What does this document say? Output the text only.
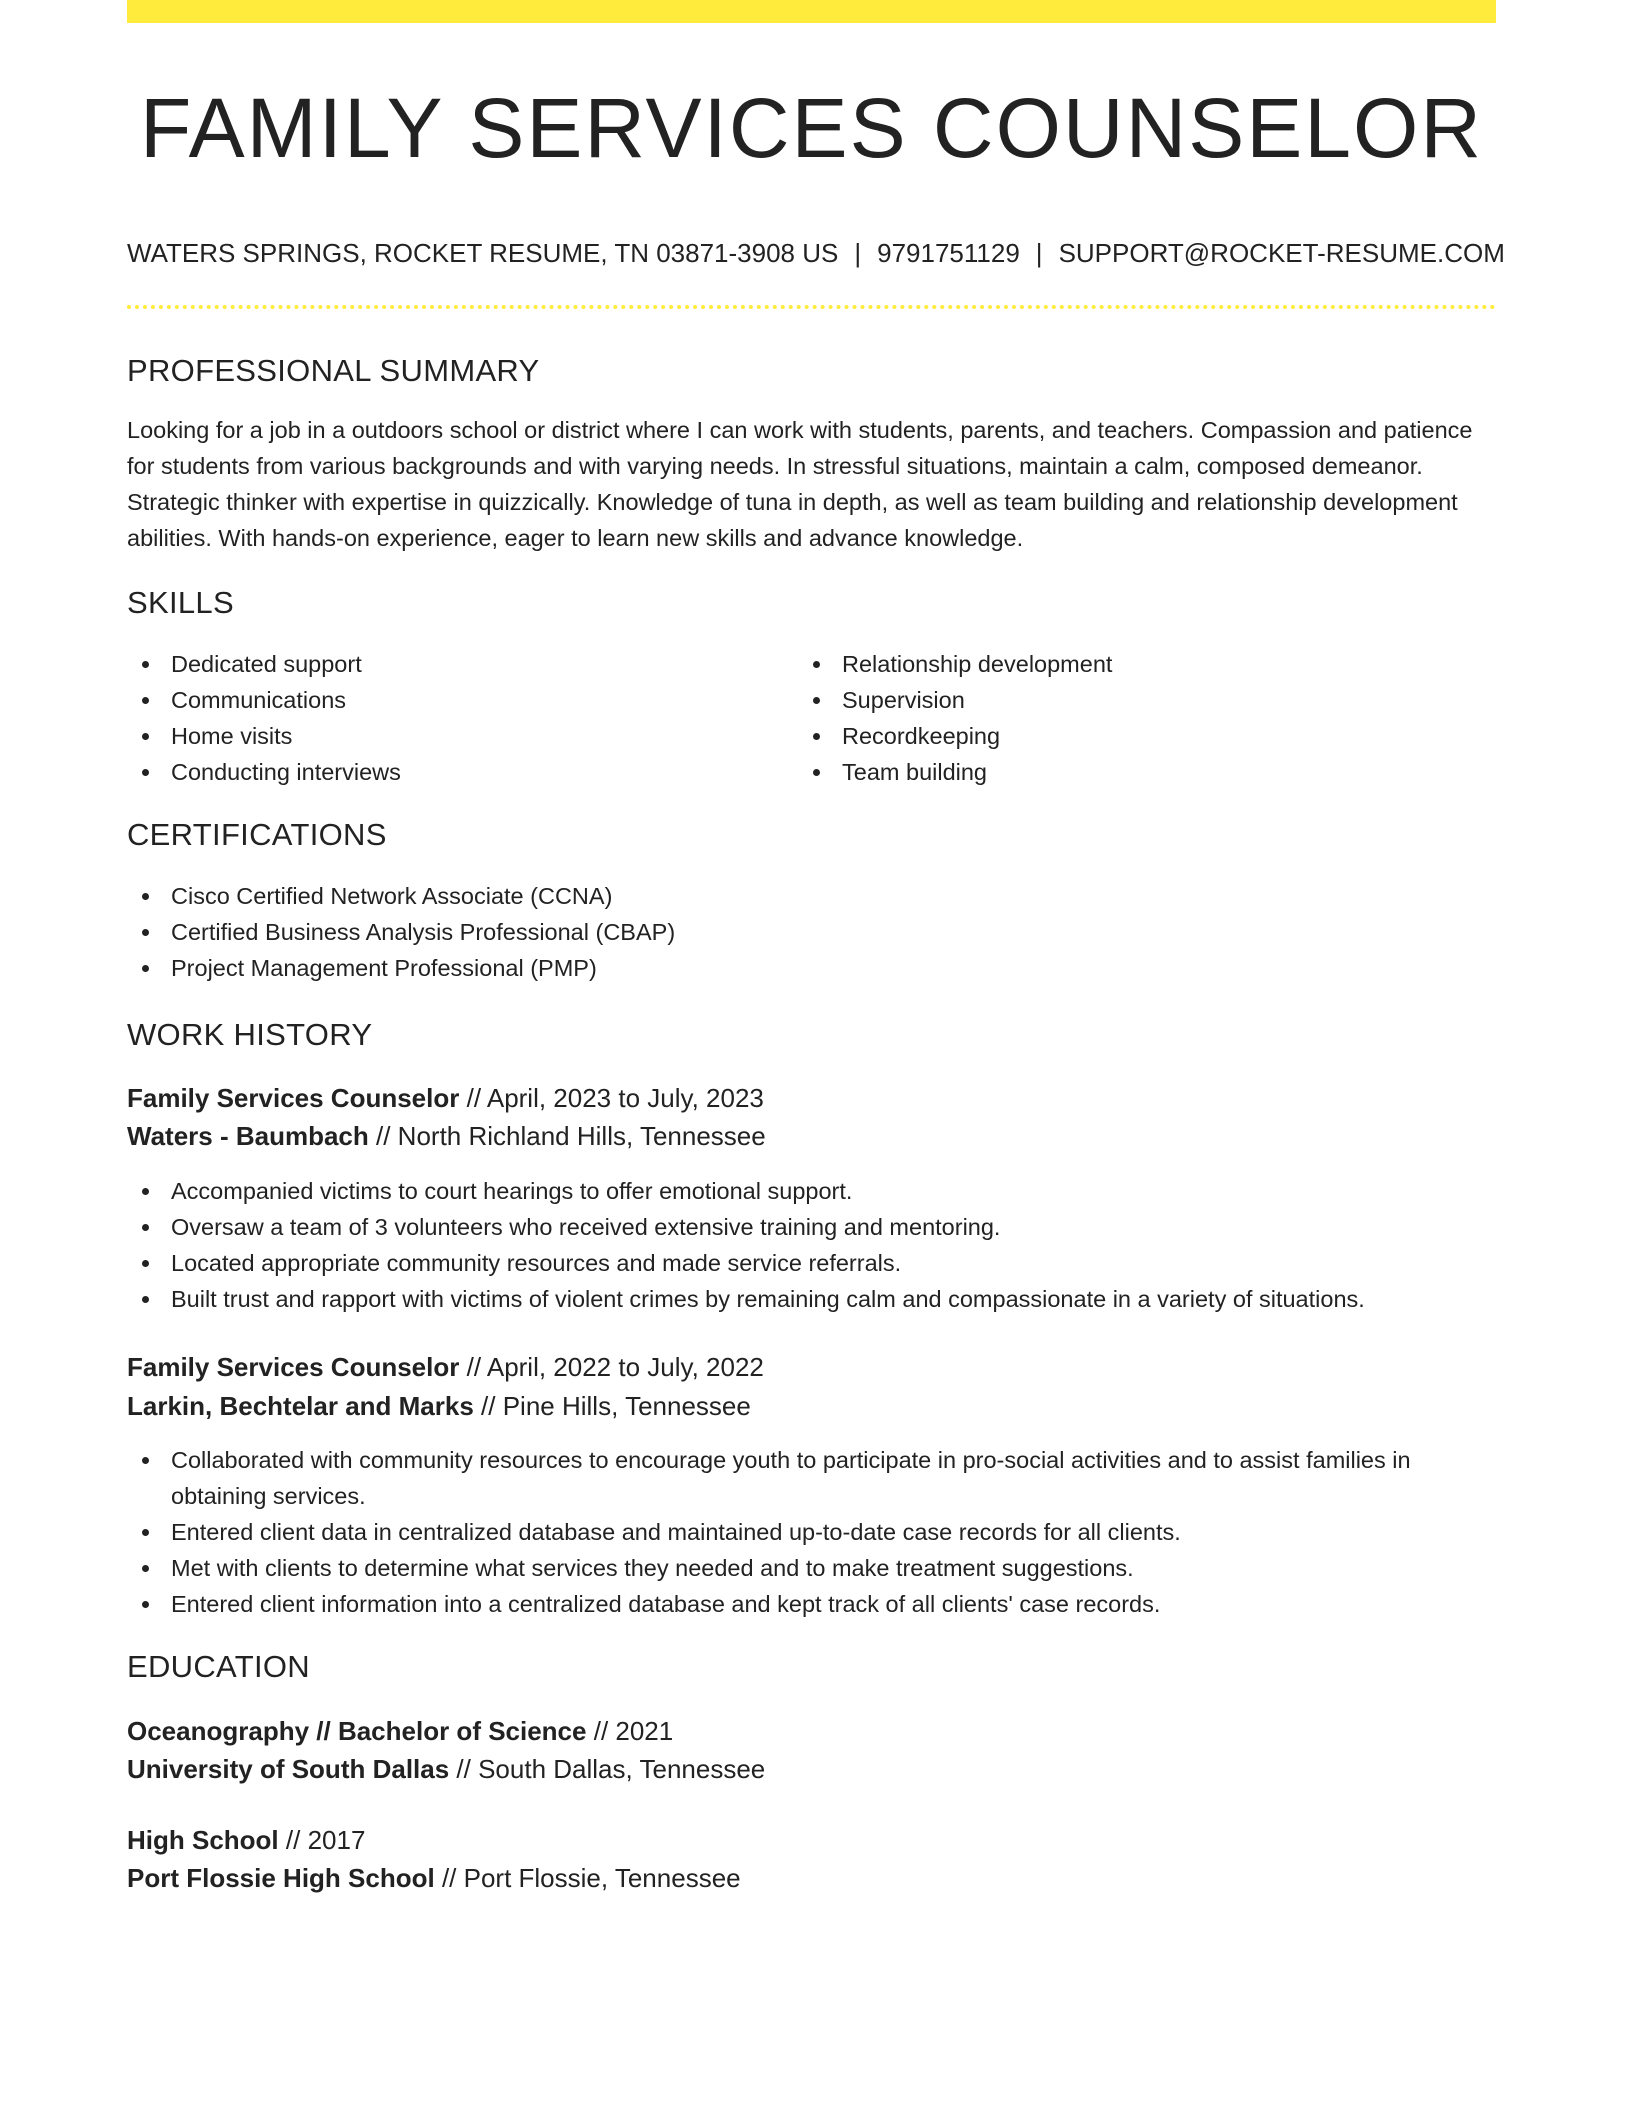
FAMILY SERVICES COUNSELOR
WATERS SPRINGS, ROCKET RESUME, TN 03871-3908 US | 9791751129 | SUPPORT@ROCKET-RESUME.COM
PROFESSIONAL SUMMARY

Looking for a job in a outdoors school or district where I can work with students, parents, and teachers. Compassion and patience for students from various backgrounds and with varying needs. In stressful situations, maintain a calm, composed demeanor. Strategic thinker with expertise in quizzically. Knowledge of tuna in depth, as well as team building and relationship development abilities. With hands-on experience, eager to learn new skills and advance knowledge.

SKILLS
Dedicated support
Communications
Home visits
Conducting interviews
Relationship development
Supervision
Recordkeeping
Team building
CERTIFICATIONS
Cisco Certified Network Associate (CCNA)
Certified Business Analysis Professional (CBAP)
Project Management Professional (PMP)
WORK HISTORY
Family Services Counselor // April, 2023 to July, 2023
Waters - Baumbach // North Richland Hills, Tennessee
Accompanied victims to court hearings to offer emotional support.
Oversaw a team of 3 volunteers who received extensive training and mentoring.
Located appropriate community resources and made service referrals.
Built trust and rapport with victims of violent crimes by remaining calm and compassionate in a variety of situations.
Family Services Counselor // April, 2022 to July, 2022
Larkin, Bechtelar and Marks // Pine Hills, Tennessee
Collaborated with community resources to encourage youth to participate in pro-social activities and to assist families in obtaining services.
Entered client data in centralized database and maintained up-to-date case records for all clients.
Met with clients to determine what services they needed and to make treatment suggestions.
Entered client information into a centralized database and kept track of all clients' case records.
EDUCATION
Oceanography // Bachelor of Science // 2021
University of South Dallas // South Dallas, Tennessee
High School // 2017
Port Flossie High School // Port Flossie, Tennessee
